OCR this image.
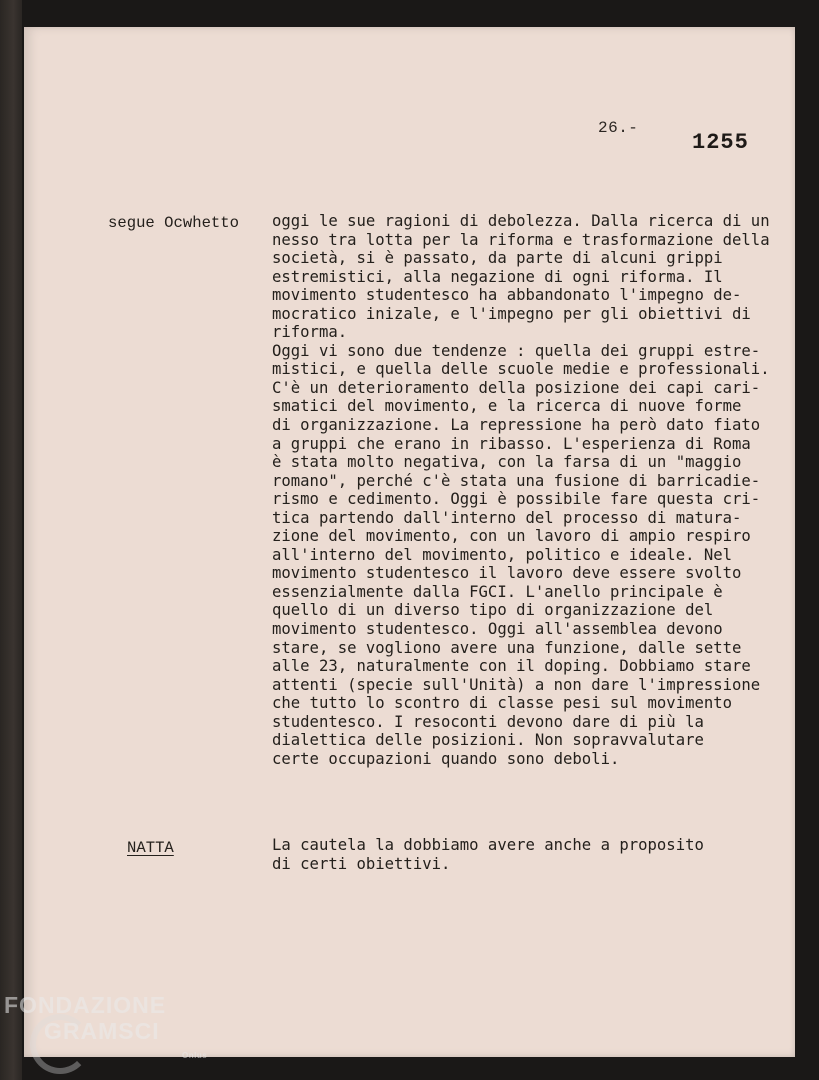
26.-
1255
segue Ocwhetto oggi le sue ragioni di debolezza. Dalla ricerca di un
nesso tra lotta per la riforma e trasformazione della
società, si è passato, da parte di alcuni grippi
estremistici, alla negazione di ogni riforma. Il
movimento studentesco ha abbandonato l'impegno de-
mocratico inizale, e l'impegno per gli obiettivi di
riforma.
Oggi vi sono due tendenze : quella dei gruppi estre-
mistici, e quella delle scuole medie e professionali.
C'è un deterioramento della posizione dei capi cari-
smatici del movimento, e la ricerca di nuove forme
di organizzazione. La repressione ha però dato fiato
a gruppi che erano in ribasso. L'esperienza di Roma
è stata molto negativa, con la farsa di un "maggio
romano", perché c'è stata una fusione di barricadie-
rismo e cedimento. Oggi è possibile fare questa cri-
tica partendo dall'interno del processo di matura-
zione del movimento, con un lavoro di ampio respiro
all'interno del movimento, politico e ideale. Nel
movimento studentesco il lavoro deve essere svolto
essenzialmente dalla FGCI. L'anello principale è
quello di un diverso tipo di organizzazione del
movimento studentesco. Oggi all'assemblea devono
stare, se vogliono avere una funzione, dalle sette
alle 23, naturalmente con il doping. Dobbiamo stare
attenti (specie sull'Unità) a non dare l'impressione
che tutto lo scontro di classe pesi sul movimento
studentesco. I resoconti devono dare di più la
dialettica delle posizioni. Non sopravvalutare
certe occupazioni quando sono deboli.
NATTA	La cautela la dobbiamo avere anche a proposito
di certi obiettivi.
FONDAZIONE
GRAMSCI
Onlus
